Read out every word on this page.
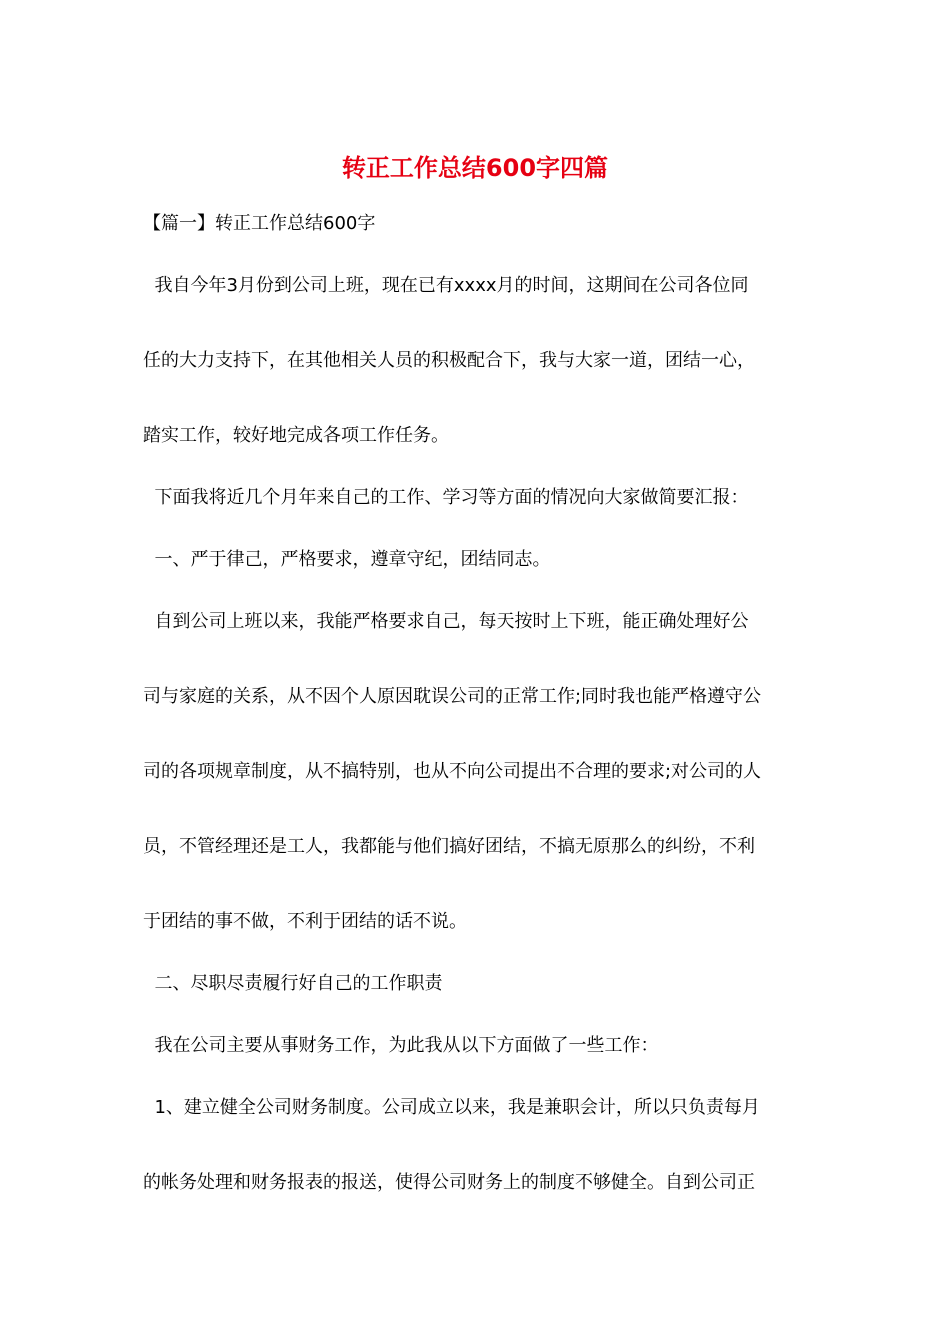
转正工作总结600字四篇
【篇一】转正工作总结600字
我自今年3月份到公司上班，现在已有xxxx月的时间，这期间在公司各位同
任的大力支持下，在其他相关人员的积极配合下，我与大家一道，团结一心，
踏实工作，较好地完成各项工作任务。
下面我将近几个月年来自己的工作、学习等方面的情况向大家做简要汇报：
一、严于律己，严格要求，遵章守纪，团结同志。
自到公司上班以来，我能严格要求自己，每天按时上下班，能正确处理好公
司与家庭的关系，从不因个人原因耽误公司的正常工作;同时我也能严格遵守公
司的各项规章制度，从不搞特别，也从不向公司提出不合理的要求;对公司的人
员，不管经理还是工人，我都能与他们搞好团结，不搞无原那么的纠纷，不利
于团结的事不做，不利于团结的话不说。
二、尽职尽责履行好自己的工作职责
我在公司主要从事财务工作，为此我从以下方面做了一些工作：
1、建立健全公司财务制度。公司成立以来，我是兼职会计，所以只负责每月
的帐务处理和财务报表的报送，使得公司财务上的制度不够健全。自到公司正
